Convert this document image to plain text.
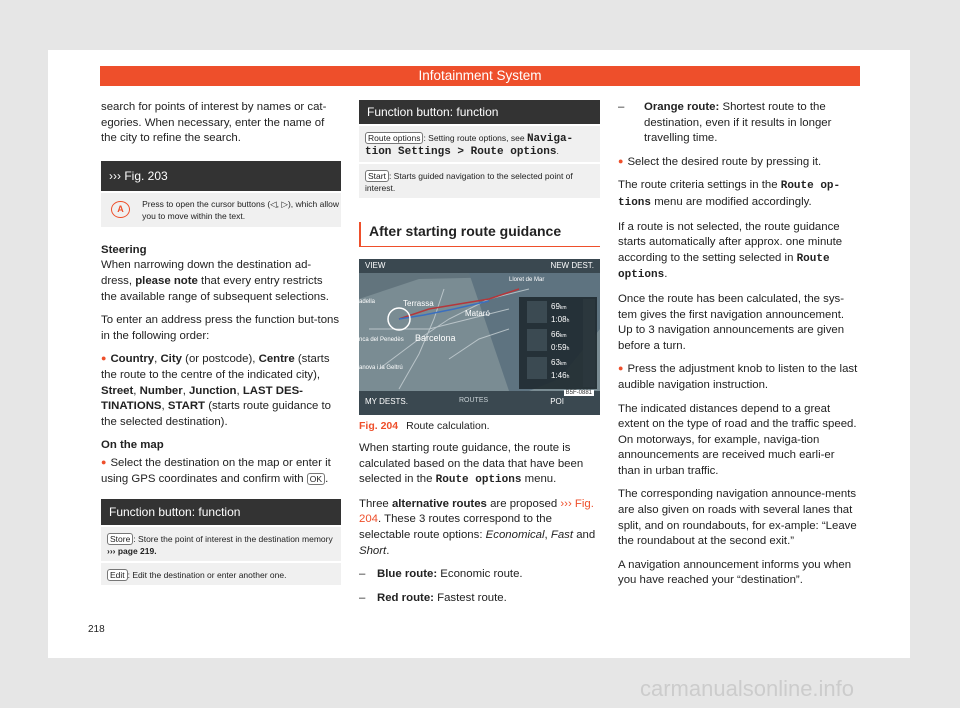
Infotainment System

search for points of interest by names or cat-egories. When necessary, enter the name of the city to refine the search.

››› Fig. 203
A
Press to open the cursor buttons (◁, ▷), which allow you to move within the text.

Steering

When narrowing down the destination ad-dress, please note that every entry restricts the available range of subsequent selections.

To enter an address press the function but-tons in the following order:

● Country, City (or postcode), Centre (starts the route to the centre of the indicated city), Street, Number, Junction, LAST DES-TINATIONS, START (starts route guidance to the selected destination).

On the map

● Select the destination on the map or enter it using GPS coordinates and confirm with OK .

Function button: function
Store : Store the point of interest in the destination memory ››› page 219.
Edit : Edit the destination or enter another one.
Function button: function
Route options : Setting route options, see Naviga-tion Settings > Route options.
Start : Starts guided navigation to the selected point of interest.
After starting route guidance
VIEW	NEW DEST.
MY DESTS.	ROUTES	POI
Lloret de Mar
Terrassa
Mataró
Barcelona
adella
nca del Penedès
anova i la Geltrú
69km
1:08h
66km
0:59h
63km
1:46h
B5F-0881
Fig. 204 Route calculation.

When starting route guidance, the route is calculated based on the data that have been selected in the Route options menu.

Three alternative routes are proposed ››› Fig. 204. These 3 routes correspond to the selectable route options: Economical, Fast and Short.

–	Blue route: Economic route.
–	Red route: Fastest route.
–	Orange route: Shortest route to the destination, even if it results in longer travelling time.

● Select the desired route by pressing it.

The route criteria settings in the Route op-tions menu are modified accordingly.

If a route is not selected, the route guidance starts automatically after approx. one minute according to the setting selected in Route options.

Once the route has been calculated, the sys-tem gives the first navigation announcement. Up to 3 navigation announcements are given before a turn.

● Press the adjustment knob to listen to the last audible navigation instruction.

The indicated distances depend to a great extent on the type of road and the traffic speed. On motorways, for example, naviga-tion announcements are received much earli-er than in urban traffic.

The corresponding navigation announce-ments are also given on roads with several lanes that split, and on roundabouts, for ex-ample: “Leave the roundabout at the second exit.”

A navigation announcement informs you when you have reached your “destination”.

218
carmanualsonline.info
